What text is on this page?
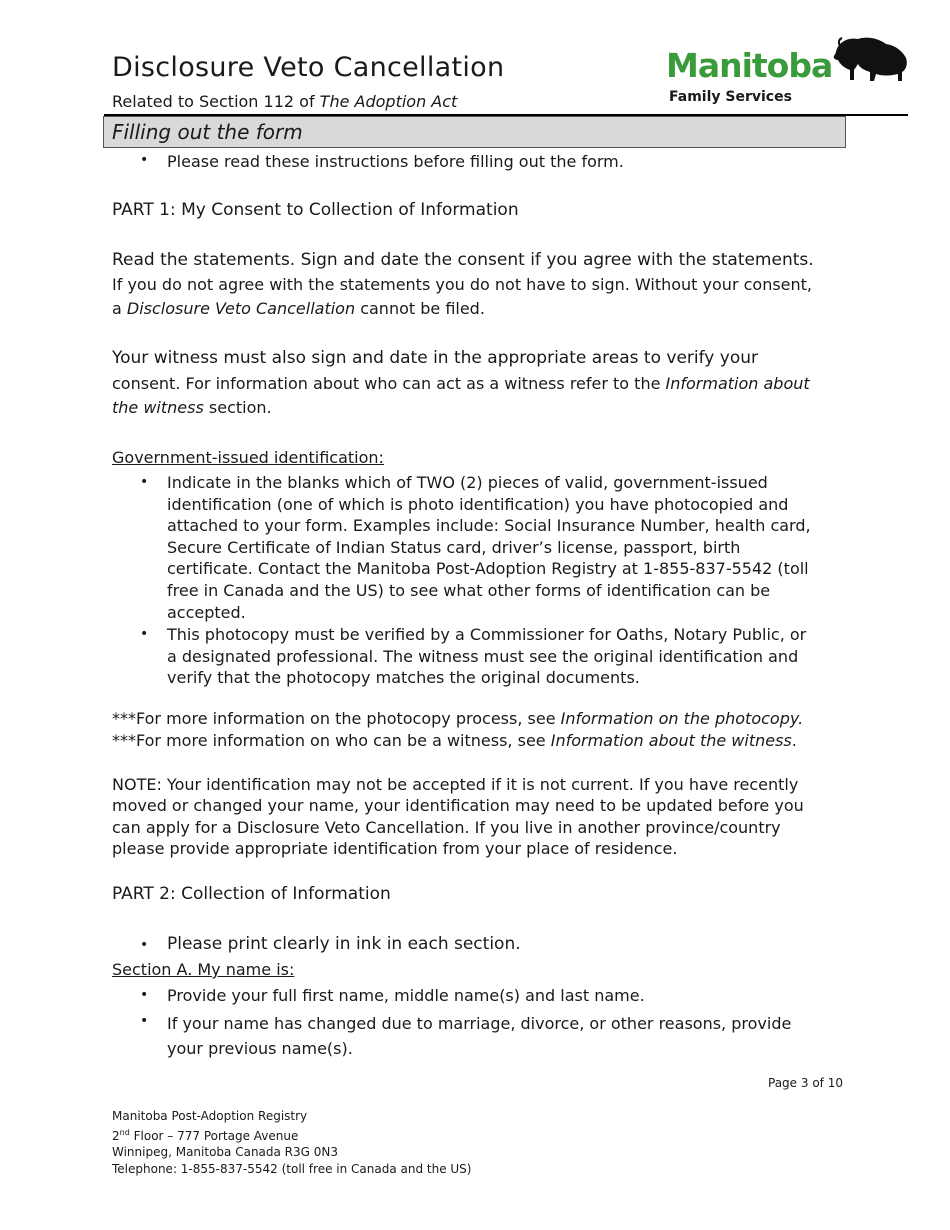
Disclosure Veto Cancellation
Related to Section 112 of The Adoption Act
Manitoba
Family Services
Filling out the form
• Please read these instructions before filling out the form.
PART 1: My Consent to Collection of Information
Read the statements. Sign and date the consent if you agree with the statements.
If you do not agree with the statements you do not have to sign. Without your consent,
a Disclosure Veto Cancellation cannot be filed.
Your witness must also sign and date in the appropriate areas to verify your
consent. For information about who can act as a witness refer to the Information about
the witness section.
Government-issued identification:
• Indicate in the blanks which of TWO (2) pieces of valid, government-issued
identification (one of which is photo identification) you have photocopied and
attached to your form. Examples include: Social Insurance Number, health card,
Secure Certificate of Indian Status card, driver’s license, passport, birth
certificate. Contact the Manitoba Post-Adoption Registry at 1-855-837-5542 (toll
free in Canada and the US) to see what other forms of identification can be
accepted.
• This photocopy must be verified by a Commissioner for Oaths, Notary Public, or
a designated professional. The witness must see the original identification and
verify that the photocopy matches the original documents.
***For more information on the photocopy process, see Information on the photocopy.
***For more information on who can be a witness, see Information about the witness.
NOTE: Your identification may not be accepted if it is not current. If you have recently
moved or changed your name, your identification may need to be updated before you
can apply for a Disclosure Veto Cancellation. If you live in another province/country
please provide appropriate identification from your place of residence.
PART 2: Collection of Information
• Please print clearly in ink in each section.
Section A. My name is:
• Provide your full first name, middle name(s) and last name.
• If your name has changed due to marriage, divorce, or other reasons, provide
your previous name(s).
Page 3 of 10
Manitoba Post-Adoption Registry
2nd Floor – 777 Portage Avenue
Winnipeg, Manitoba Canada R3G 0N3
Telephone: 1-855-837-5542 (toll free in Canada and the US)
